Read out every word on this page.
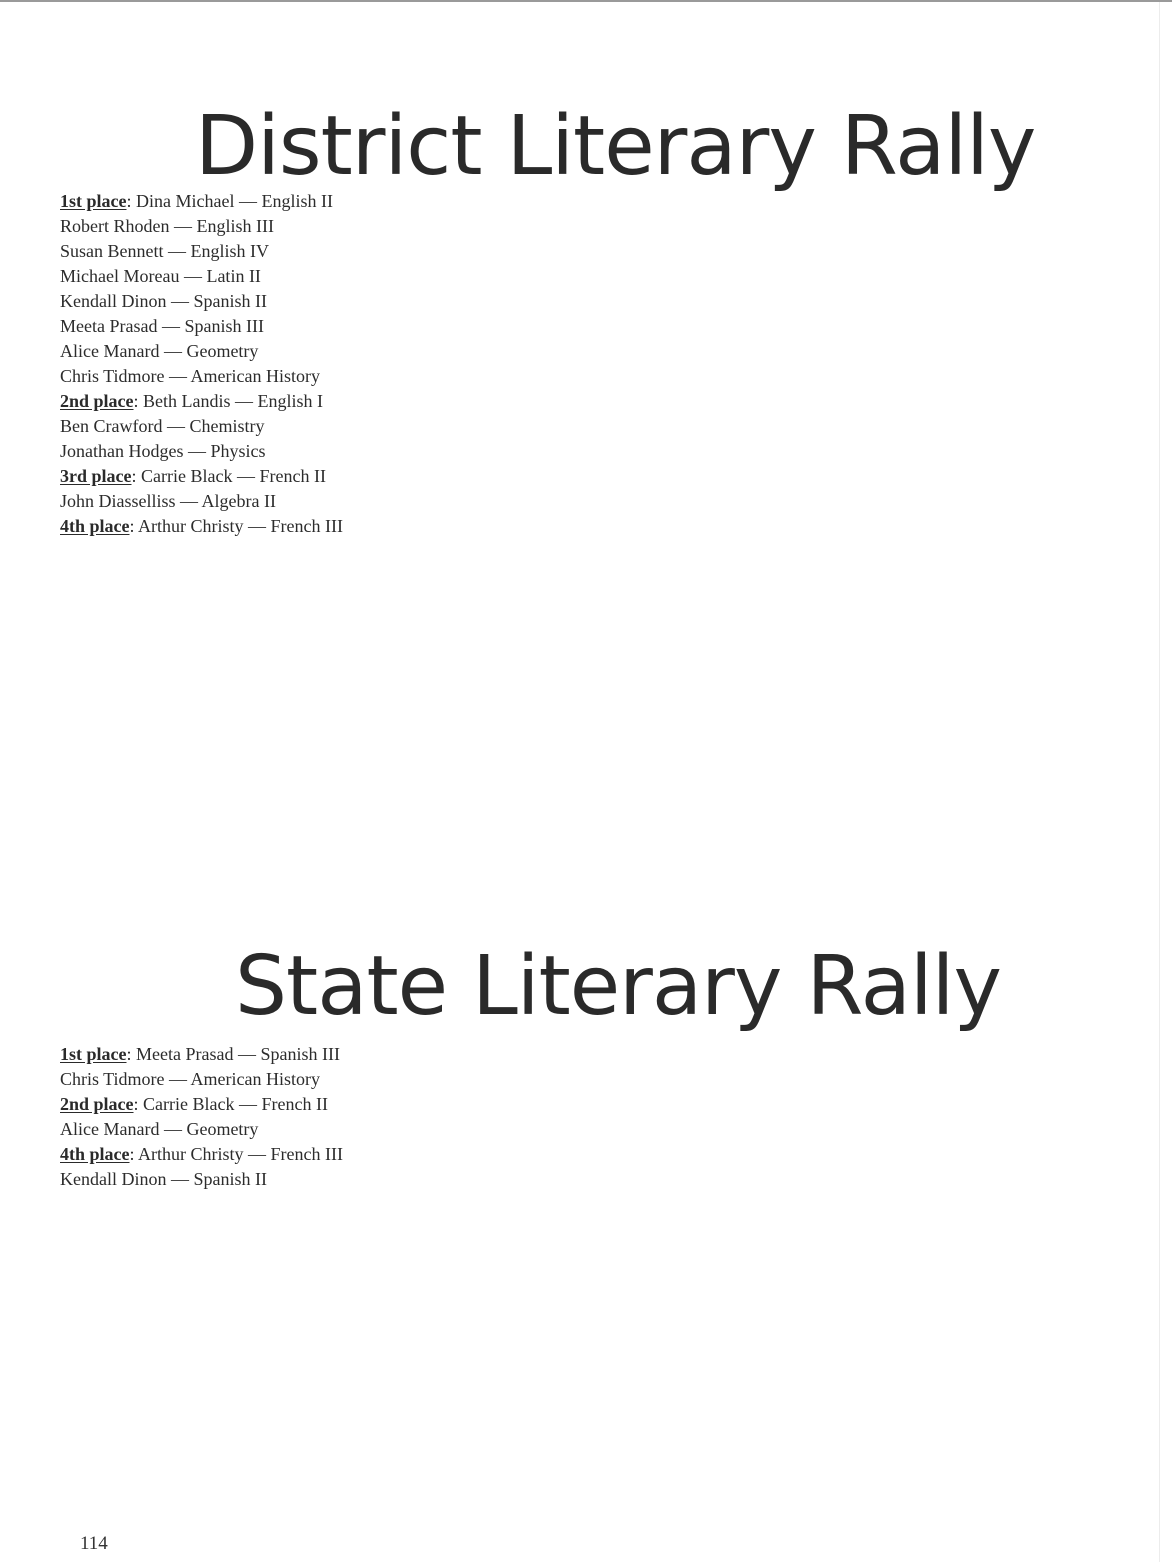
District Literary Rally
1st place: Dina Michael — English II
Robert Rhoden — English III
Susan Bennett — English IV
Michael Moreau — Latin II
Kendall Dinon — Spanish II
Meeta Prasad — Spanish III
Alice Manard — Geometry
Chris Tidmore — American History
2nd place: Beth Landis — English I
Ben Crawford — Chemistry
Jonathan Hodges — Physics
3rd place: Carrie Black — French II
John Diasselliss — Algebra II
4th place: Arthur Christy — French III
State Literary Rally
1st place: Meeta Prasad — Spanish III
Chris Tidmore — American History
2nd place: Carrie Black — French II
Alice Manard — Geometry
4th place: Arthur Christy — French III
Kendall Dinon — Spanish II
114
